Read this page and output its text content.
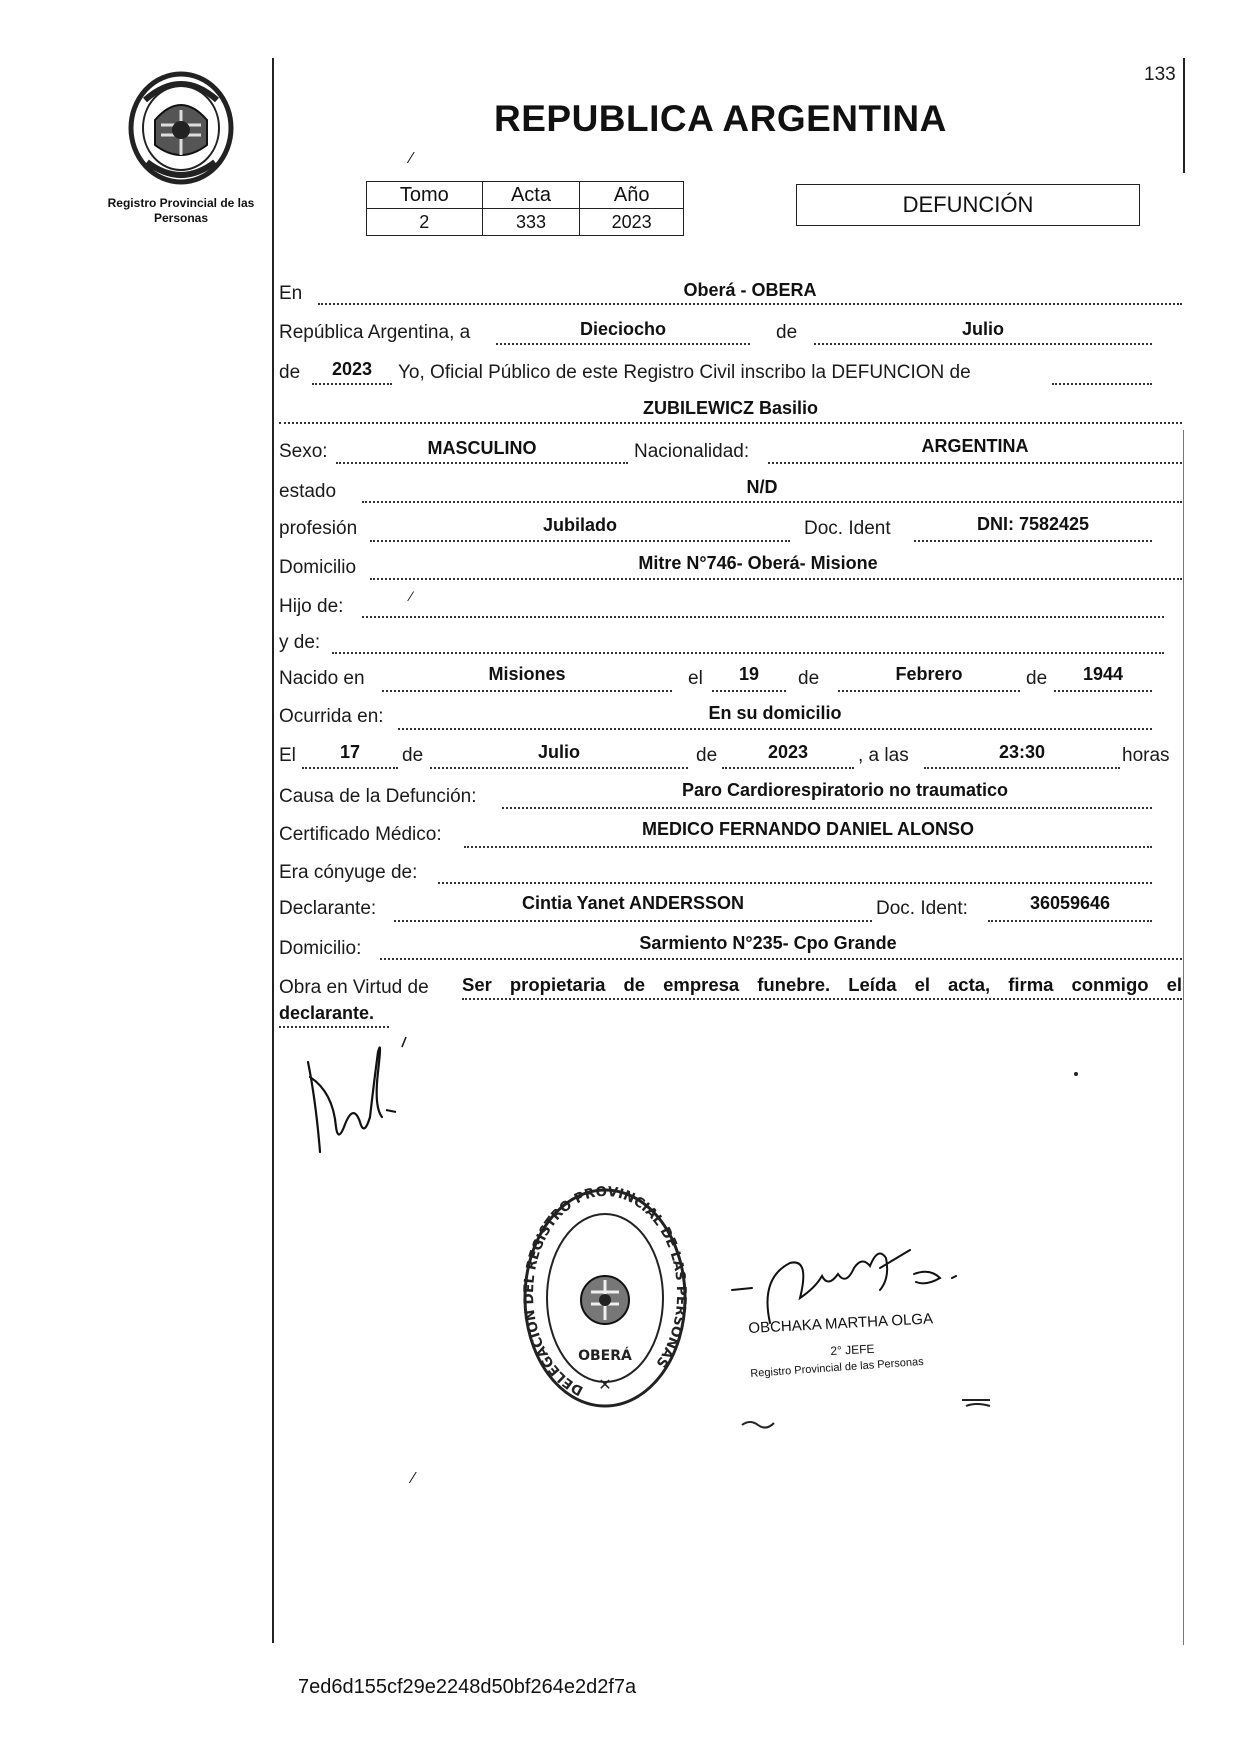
133
Registro Provincial de las Personas
REPUBLICA ARGENTINA
⁄
Tomo	Acta	Año
2	333	2023
DEFUNCIÓN
En	Oberá - OBERA
República Argentina, a	Dieciocho	de	Julio
de	2023	Yo, Oficial Público de este Registro Civil inscribo la DEFUNCION de
ZUBILEWICZ Basilio
Sexo:	MASCULINO	Nacionalidad:	ARGENTINA
estado	N/D
profesión	Jubilado	Doc. Ident	DNI: 7582425
Domicilio	Mitre N°746- Oberá- Misione
Hijo de:	⁄
y de:
Nacido en	Misiones	el	19	de	Febrero	de	1944
Ocurrida en:	En su domicilio
El	17	de	Julio	de	2023	, a las	23:30	horas
Causa de la Defunción:	Paro Cardiorespiratorio no traumatico
Certificado Médico:	MEDICO FERNANDO DANIEL ALONSO
Era cónyuge de:
Declarante:	Cintia Yanet ANDERSSON	Doc. Ident:	36059646
Domicilio:	Sarmiento N°235- Cpo Grande
Obra en Virtud de Ser propietaria de empresa funebre. Leída el acta, firma conmigo el
declarante.
DELEGACION DEL REGISTRO PROVINCIAL DE LAS PERSONAS
OBERÁ
✕
OBCHAKA MARTHA OLGA
2° JEFE
Registro Provincial de las Personas
⁄
7ed6d155cf29e2248d50bf264e2d2f7a
